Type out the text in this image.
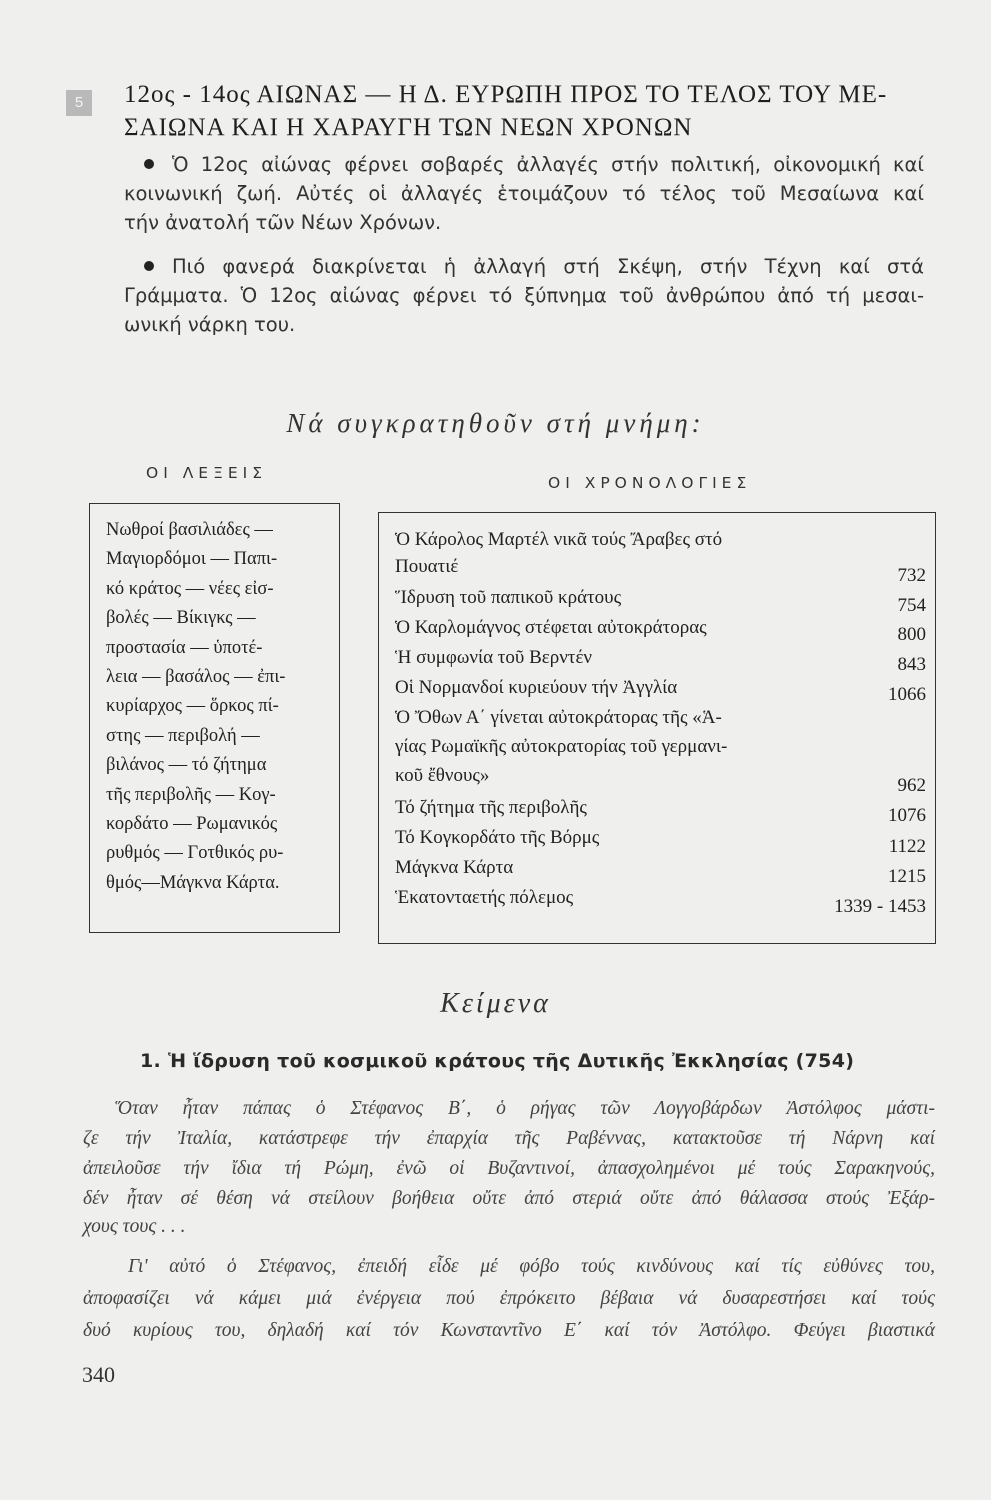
5	12ος - 14ος ΑΙΩΝΑΣ — Η Δ. ΕΥΡΩΠΗ ΠΡΟΣ ΤΟ ΤΕΛΟΣ ΤΟΥ ΜΕ-
ΣΑΙΩΝΑ ΚΑΙ Η ΧΑΡΑΥΓΗ ΤΩΝ ΝΕΩΝ ΧΡΟΝΩΝ
Ὁ 12ος αἰώνας φέρνει σοβαρές ἀλλαγές στήν πολιτική, οἰκονομική καί
κοινωνική ζωή. Αὐτές οἱ ἀλλαγές ἑτοιμάζουν τό τέλος τοῦ Μεσαίωνα καί
τήν ἀνατολή τῶν Νέων Χρόνων.
Πιό φανερά διακρίνεται ἡ ἀλλαγή στή Σκέψη, στήν Τέχνη καί στά
Γράμματα. Ὁ 12ος αἰώνας φέρνει τό ξύπνημα τοῦ ἀνθρώπου ἀπό τή μεσαι-
ωνική νάρκη του.
Νά συγκρατηθοῦν στή μνήμη:
ΟΙ ΛΕΞΕΙΣ
ΟΙ ΧΡΟΝΟΛΟΓΙΕΣ
Νωθροί βασιλιάδες —
Μαγιορδόμοι — Παπι-
κό κράτος — νέες εἰσ-
βολές — Βίκιγκς —
προστασία — ὑποτέ-
λεια — βασάλος — ἐπι-
κυρίαρχος — ὅρκος πί-
στης — περιβολή —
βιλάνος — τό ζήτημα
τῆς περιβολῆς — Κογ-
κορδάτο — Ρωμανικός
ρυθμός — Γοτθικός ρυ-
θμός—Μάγκνα Κάρτα.
Ὁ Κάρολος Μαρτέλ νικᾶ τούς Ἄραβες στό
Πουατιέ	732
Ἵδρυση τοῦ παπικοῦ κράτους	754
Ὁ Καρλομάγνος στέφεται αὐτοκράτορας	800
Ἡ συμφωνία τοῦ Βερντέν	843
Οἱ Νορμανδοί κυριεύουν τήν Ἀγγλία	1066
Ὁ Ὄθων Α΄ γίνεται αὐτοκράτορας τῆς «Ἁ-
γίας Ρωμαϊκῆς αὐτοκρατορίας τοῦ γερμανι-
κοῦ ἔθνους»	962
Τό ζήτημα τῆς περιβολῆς	1076
Τό Κογκορδάτο τῆς Βόρμς	1122
Μάγκνα Κάρτα	1215
Ἑκατονταετής πόλεμος	1339 - 1453
Κείμενα
1. Ἡ ἵδρυση τοῦ κοσμικοῦ κράτους τῆς Δυτικῆς Ἐκκλησίας (754)
Ὅταν ἦταν πάπας ὁ Στέφανος Β΄, ὁ ρήγας τῶν Λογγοβάρδων Ἀστόλφος μάστι-
ζε τήν Ἰταλία, κατάστρεφε τήν ἐπαρχία τῆς Ραβέννας, κατακτοῦσε τή Νάρνη καί
ἀπειλοῦσε τήν ἴδια τή Ρώμη, ἐνῶ οἱ Βυζαντινοί, ἀπασχολημένοι μέ τούς Σαρακηνούς,
δέν ἦταν σέ θέση νά στείλουν βοήθεια οὔτε ἀπό στεριά οὔτε ἀπό θάλασσα στούς Ἐξάρ-
χους τους . . .
Γι' αὐτό ὁ Στέφανος, ἐπειδή εἶδε μέ φόβο τούς κινδύνους καί τίς εὐθύνες του,
ἀποφασίζει νά κάμει μιά ἐνέργεια πού ἐπρόκειτο βέβαια νά δυσαρεστήσει καί τούς
δυό κυρίους του, δηλαδή καί τόν Κωνσταντῖνο Ε΄ καί τόν Ἀστόλφο. Φεύγει βιαστικά
340
